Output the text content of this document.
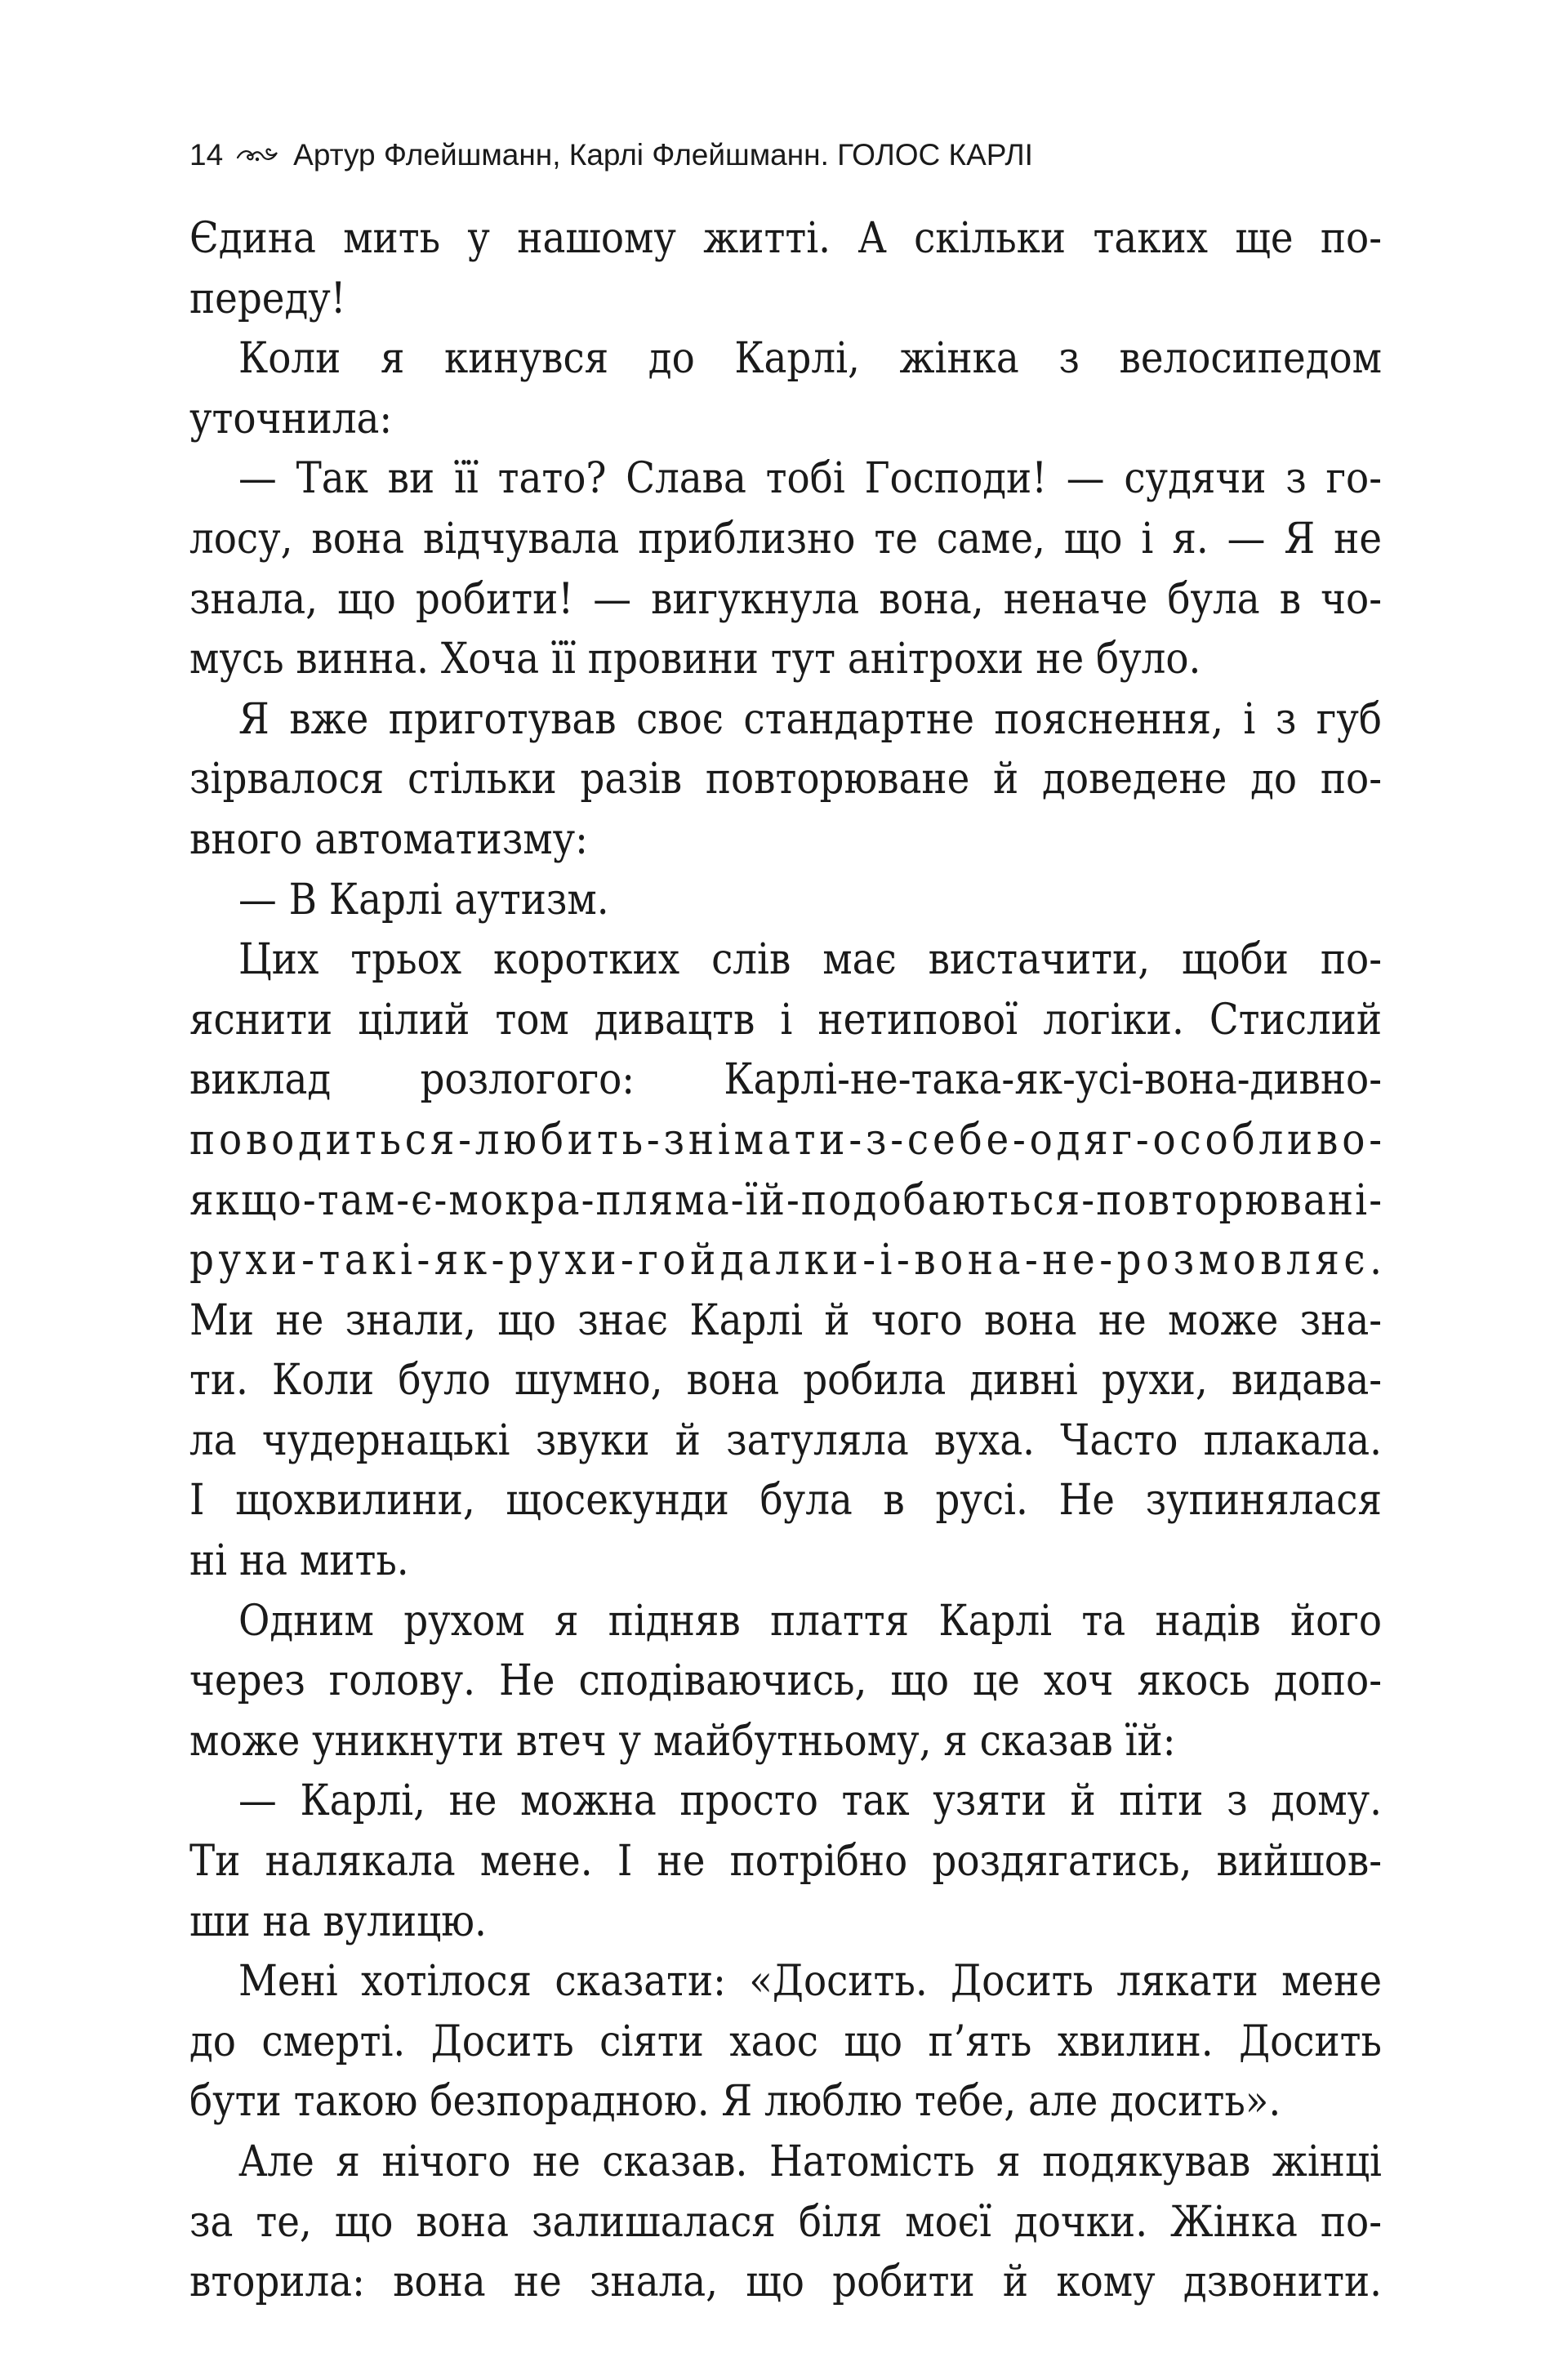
14 Артур Флейшманн, Карлі Флейшманн. ГОЛОС КАРЛІ
Єдина мить у нашому житті. А скільки таких ще по-
переду!
Коли я кинувся до Карлі, жінка з велосипедом
уточнила:
— Так ви її тато? Слава тобі Господи! — судячи з го-
лосу, вона відчувала приблизно те саме, що і я. — Я не
знала, що робити! — вигукнула вона, неначе була в чо-
мусь винна. Хоча її провини тут анітрохи не було.
Я вже приготував своє стандартне пояснення, і з губ
зірвалося стільки разів повторюване й доведене до по-
вного автоматизму:
— В Карлі аутизм.
Цих трьох коротких слів має вистачити, щоби по-
яснити цілий том дивацтв і нетипової логіки. Стислий
виклад розлогого: Карлі-не-така-як-усі-вона-дивно-
поводиться-любить-знімати-з-себе-одяг-особливо-
якщо-там-є-мокра-пляма-їй-подобаються-повторювані-
рухи-такі-як-рухи-гойдалки-і-вона-не-розмовляє.
Ми не знали, що знає Карлі й чого вона не може зна-
ти. Коли було шумно, вона робила дивні рухи, видава-
ла чудернацькі звуки й затуляла вуха. Часто плакала.
І щохвилини, щосекунди була в русі. Не зупинялася
ні на мить.
Одним рухом я підняв плаття Карлі та надів його
через голову. Не сподіваючись, що це хоч якось допо-
може уникнути втеч у майбутньому, я сказав їй:
— Карлі, не можна просто так узяти й піти з дому.
Ти налякала мене. І не потрібно роздягатись, вийшов-
ши на вулицю.
Мені хотілося сказати: «Досить. Досить лякати мене
до смерті. Досить сіяти хаос що п’ять хвилин. Досить
бути такою безпорадною. Я люблю тебе, але досить».
Але я нічого не сказав. Натомість я подякував жінці
за те, що вона залишалася біля моєї дочки. Жінка по-
вторила: вона не знала, що робити й кому дзвонити.
